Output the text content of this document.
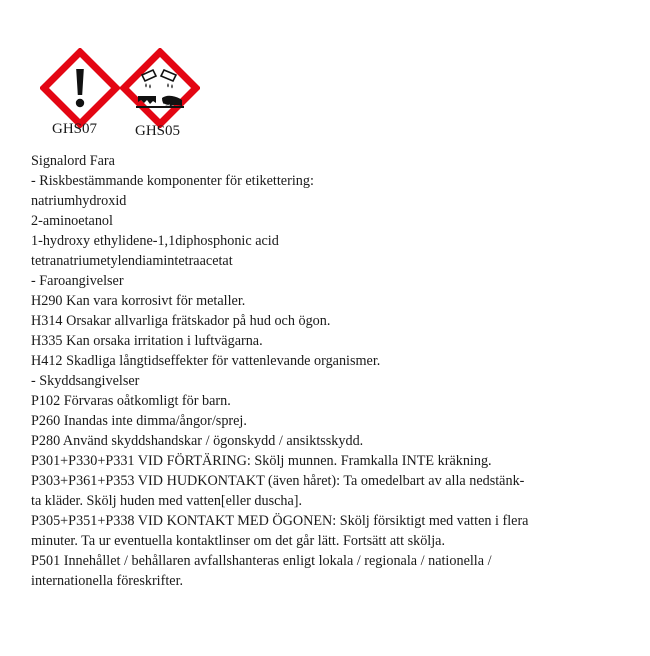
GHS07	GHS05
Signalord Fara
- Riskbestämmande komponenter för etikettering:
natriumhydroxid
2-aminoetanol
1-hydroxy ethylidene-1,1diphosphonic acid
tetranatriumetylendiamintetraacetat
- Faroangivelser
H290 Kan vara korrosivt för metaller.
H314 Orsakar allvarliga frätskador på hud och ögon.
H335 Kan orsaka irritation i luftvägarna.
H412 Skadliga långtidseffekter för vattenlevande organismer.
- Skyddsangivelser
P102 Förvaras oåtkomligt för barn.
P260 Inandas inte dimma/ångor/sprej.
P280 Använd skyddshandskar / ögonskydd / ansiktsskydd.
P301+P330+P331 VID FÖRTÄRING: Skölj munnen. Framkalla INTE kräkning.
P303+P361+P353 VID HUDKONTAKT (även håret): Ta omedelbart av alla nedstänk-
ta kläder. Skölj huden med vatten[eller duscha].
P305+P351+P338 VID KONTAKT MED ÖGONEN: Skölj försiktigt med vatten i flera
minuter. Ta ur eventuella kontaktlinser om det går lätt. Fortsätt att skölja.
P501 Innehållet / behållaren avfallshanteras enligt lokala / regionala / nationella /
internationella föreskrifter.
